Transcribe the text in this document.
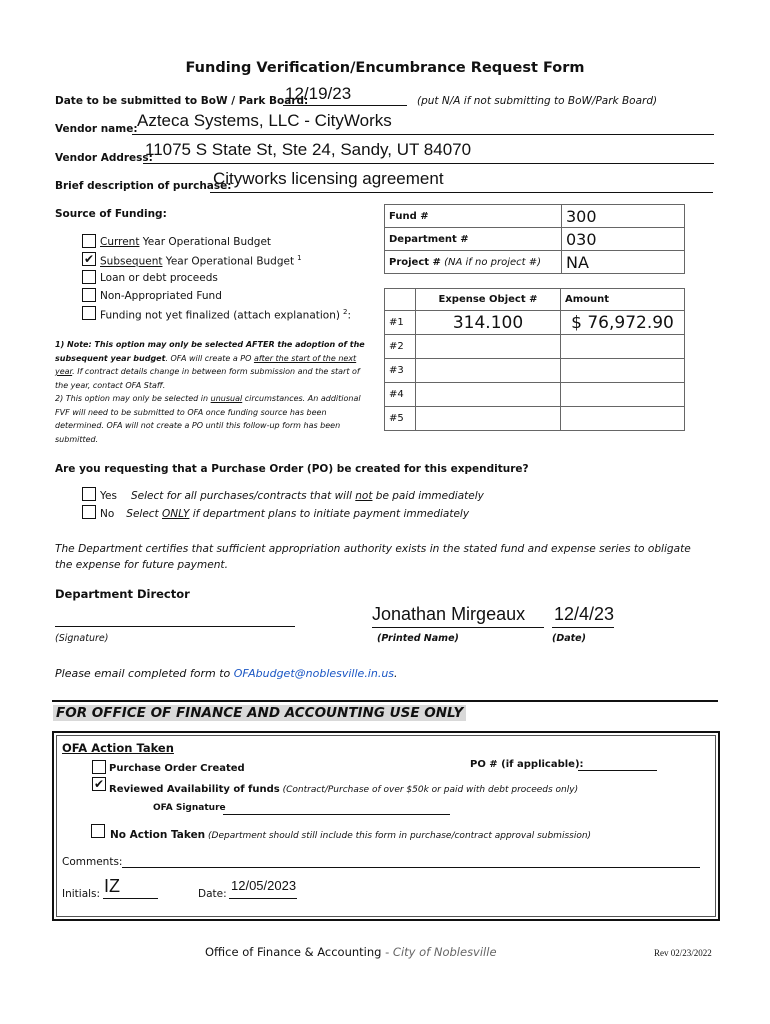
Funding Verification/Encumbrance Request Form
Date to be submitted to BoW / Park Board:
12/19/23	(put N/A if not submitting to BoW/Park Board)
Vendor name: Azteca Systems, LLC - CityWorks
Vendor Address:
11075 S State St, Ste 24, Sandy, UT 84070
Brief description of purchase:
Cityworks licensing agreement
Source of Funding:
Current Year Operational Budget
✔ Subsequent Year Operational Budget $^1$
Loan or debt proceeds
Non-Appropriated Fund
Funding not yet finalized (attach explanation) $^2$:
1) Note: This option may only be selected AFTER the adoption of the subsequent year budget. OFA will create a PO after the start of the next year. If contract details change in between form submission and the start of the year, contact OFA Staff.
2) This option may only be selected in unusual circumstances. An additional FVF will need to be submitted to OFA once funding source has been determined. OFA will not create a PO until this follow-up form has been submitted.
Fund #	300
Department #	030
Project # (NA if no project #)	NA
	Expense Object #	Amount
#1	314.100	$ 76,972.90
#2		
#3		
#4		
#5		
Are you requesting that a Purchase Order (PO) be created for this expenditure?
Yes Select for all purchases/contracts that will not be paid immediately
No Select ONLY if department plans to initiate payment immediately
The Department certifies that sufficient appropriation authority exists in the stated fund and expense series to obligate the expense for future payment.
Department Director
(Signature)
Jonathan Mirgeaux
(Printed Name)
12/4/23
(Date)
Please email completed form to OFAbudget@noblesville.in.us.
FOR OFFICE OF FINANCE AND ACCOUNTING USE ONLY
OFA Action Taken
Purchase Order Created	PO # (if applicable):
✔ Reviewed Availability of funds (Contract/Purchase of over $50k or paid with debt proceeds only)
OFA Signature
No Action Taken (Department should still include this form in purchase/contract approval submission)
Comments:
Initials: IZ	Date:
12/05/2023
Office of Finance & Accounting - City of Noblesville	Rev 02/23/2022
